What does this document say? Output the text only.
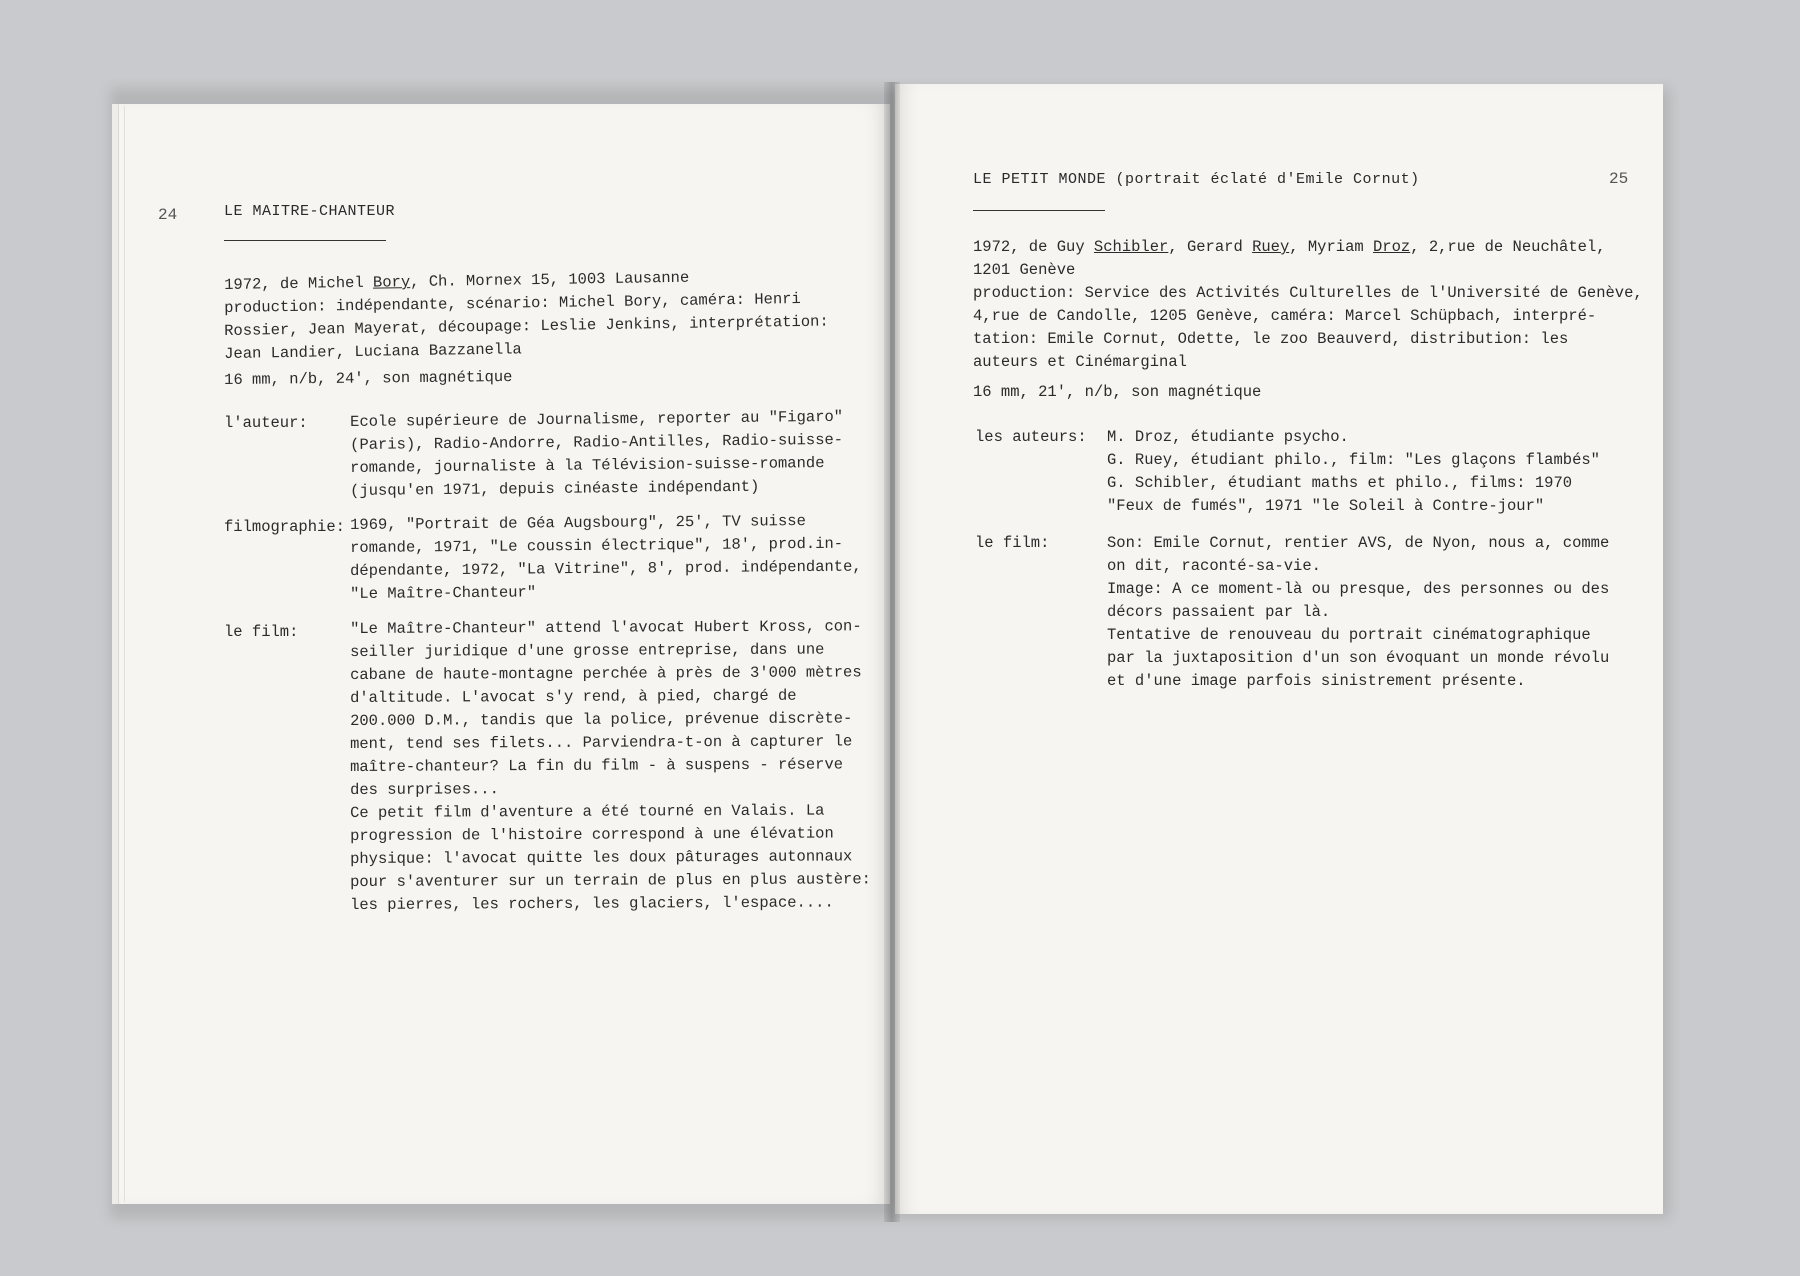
24	LE MAITRE-CHANTEUR
1972, de Michel Bory, Ch. Mornex 15, 1003 Lausanne
production: indépendante, scénario: Michel Bory, caméra: Henri
Rossier, Jean Mayerat, découpage: Leslie Jenkins, interprétation:
Jean Landier, Luciana Bazzanella
16 mm, n/b, 24', son magnétique
l'auteur:	Ecole supérieure de Journalisme, reporter au "Figaro"
(Paris), Radio-Andorre, Radio-Antilles, Radio-suisse-
romande, journaliste à la Télévision-suisse-romande
(jusqu'en 1971, depuis cinéaste indépendant)
filmographie: 1969, "Portrait de Géa Augsbourg", 25', TV suisse
romande, 1971, "Le coussin électrique", 18', prod.in-
dépendante, 1972, "La Vitrine", 8', prod. indépendante,
"Le Maître-Chanteur"
le film:	"Le Maître-Chanteur" attend l'avocat Hubert Kross, con-
seiller juridique d'une grosse entreprise, dans une
cabane de haute-montagne perchée à près de 3'000 mètres
d'altitude. L'avocat s'y rend, à pied, chargé de
200.000 D.M., tandis que la police, prévenue discrète-
ment, tend ses filets... Parviendra-t-on à capturer le
maître-chanteur? La fin du film - à suspens - réserve
des surprises...
Ce petit film d'aventure a été tourné en Valais. La
progression de l'histoire correspond à une élévation
physique: l'avocat quitte les doux pâturages autonnaux
pour s'aventurer sur un terrain de plus en plus austère:
les pierres, les rochers, les glaciers, l'espace....
LE PETIT MONDE (portrait éclaté d'Emile Cornut)	25
1972, de Guy Schibler, Gerard Ruey, Myriam Droz, 2,rue de Neuchâtel,
1201 Genève
production: Service des Activités Culturelles de l'Université de Genève,
4,rue de Candolle, 1205 Genève, caméra: Marcel Schüpbach, interpré-
tation: Emile Cornut, Odette, le zoo Beauverd, distribution: les
auteurs et Cinémarginal
16 mm, 21', n/b, son magnétique
les auteurs: M. Droz, étudiante psycho.
G. Ruey, étudiant philo., film: "Les glaçons flambés"
G. Schibler, étudiant maths et philo., films: 1970
"Feux de fumés", 1971 "le Soleil à Contre-jour"
le film:	Son: Emile Cornut, rentier AVS, de Nyon, nous a, comme
on dit, raconté-sa-vie.
Image: A ce moment-là ou presque, des personnes ou des
décors passaient par là.
Tentative de renouveau du portrait cinématographique
par la juxtaposition d'un son évoquant un monde révolu
et d'une image parfois sinistrement présente.
